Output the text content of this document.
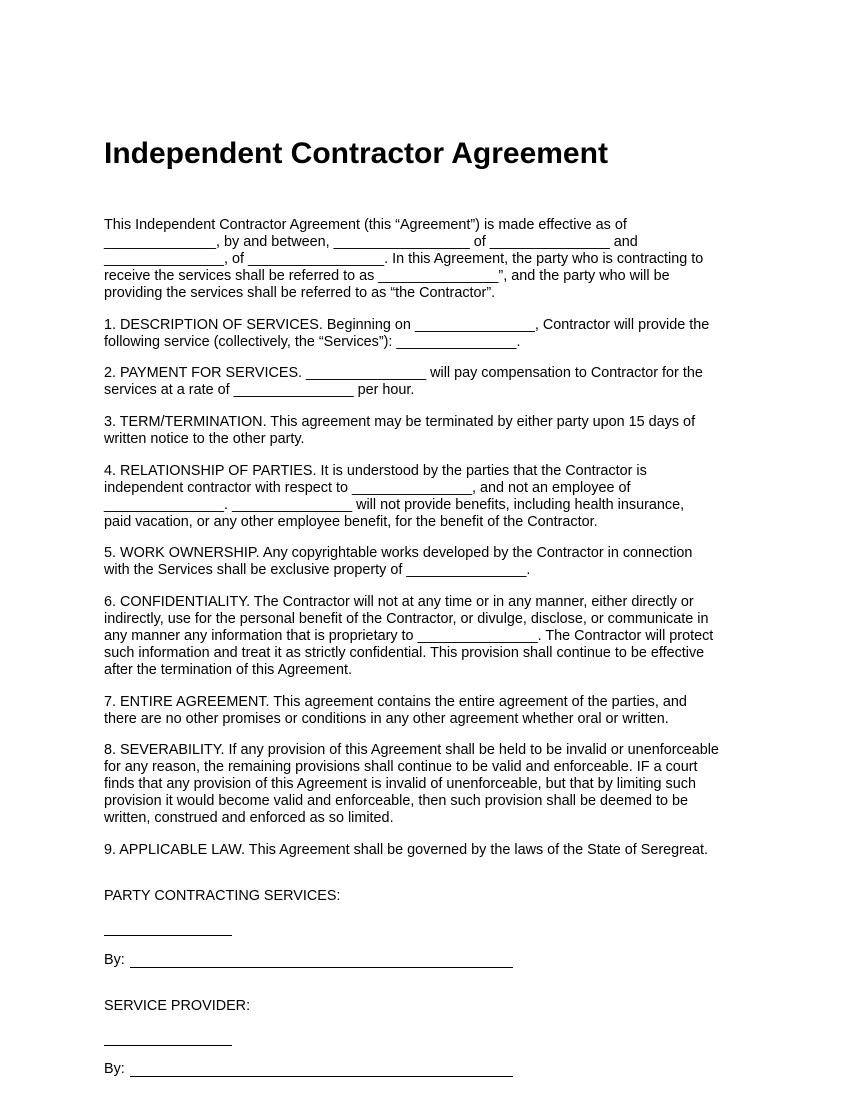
Independent Contractor Agreement

This Independent Contractor Agreement (this “Agreement”) is made effective as of
______________, by and between, _________________ of _______________ and
_______________, of _________________. In this Agreement, the party who is contracting to
receive the services shall be referred to as _______________”, and the party who will be
providing the services shall be referred to as “the Contractor”.

1. DESCRIPTION OF SERVICES. Beginning on _______________, Contractor will provide the
following service (collectively, the “Services”): _______________.

2. PAYMENT FOR SERVICES. _______________ will pay compensation to Contractor for the
services at a rate of _______________ per hour.

3. TERM/TERMINATION. This agreement may be terminated by either party upon 15 days of
written notice to the other party.

4. RELATIONSHIP OF PARTIES. It is understood by the parties that the Contractor is
independent contractor with respect to _______________, and not an employee of
_______________. _______________ will not provide benefits, including health insurance,
paid vacation, or any other employee benefit, for the benefit of the Contractor.

5. WORK OWNERSHIP. Any copyrightable works developed by the Contractor in connection
with the Services shall be exclusive property of _______________.

6. CONFIDENTIALITY. The Contractor will not at any time or in any manner, either directly or
indirectly, use for the personal benefit of the Contractor, or divulge, disclose, or communicate in
any manner any information that is proprietary to _______________. The Contractor will protect
such information and treat it as strictly confidential. This provision shall continue to be effective
after the termination of this Agreement.

7. ENTIRE AGREEMENT. This agreement contains the entire agreement of the parties, and
there are no other promises or conditions in any other agreement whether oral or written.

8. SEVERABILITY. If any provision of this Agreement shall be held to be invalid or unenforceable
for any reason, the remaining provisions shall continue to be valid and enforceable. IF a court
finds that any provision of this Agreement is invalid of unenforceable, but that by limiting such
provision it would become valid and enforceable, then such provision shall be deemed to be
written, construed and enforced as so limited.

9. APPLICABLE LAW. This Agreement shall be governed by the laws of the State of Seregreat.

PARTY CONTRACTING SERVICES:

By:

SERVICE PROVIDER:

By:
